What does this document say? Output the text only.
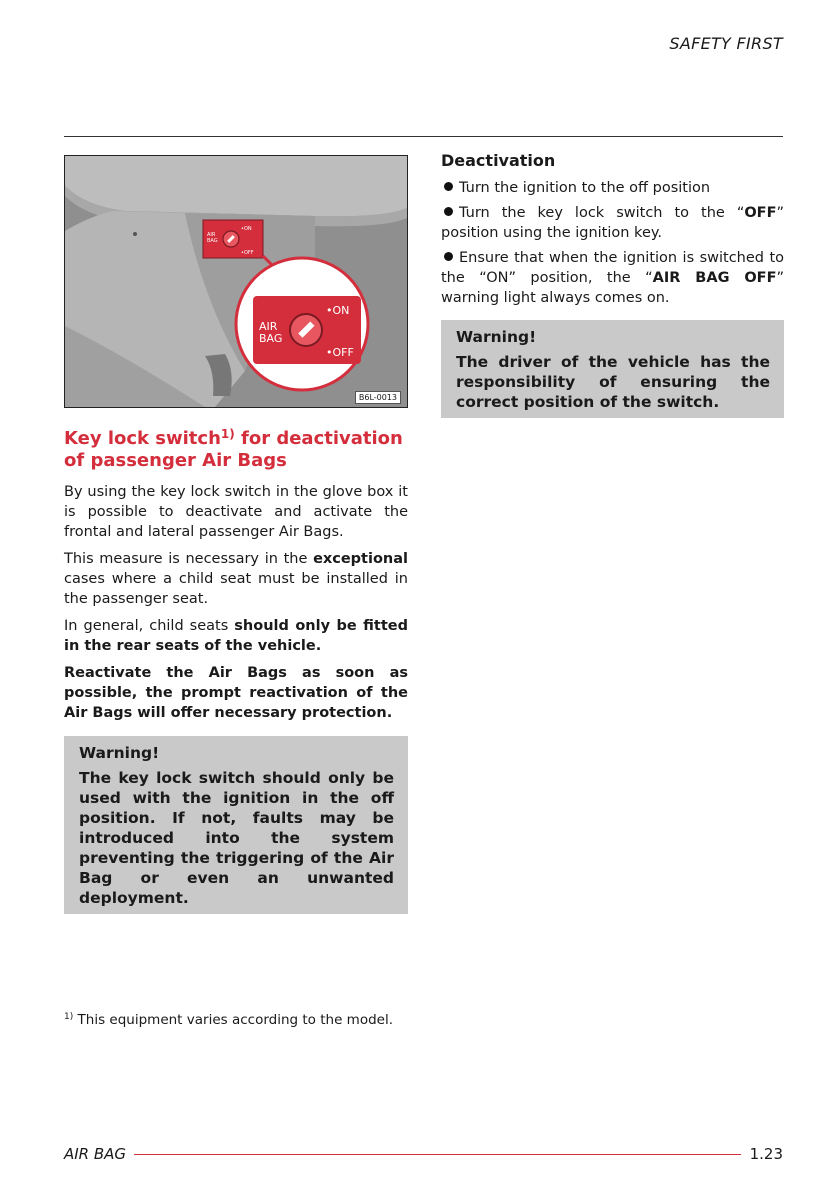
SAFETY FIRST
AIR
BAG
•ON
•OFF
AIR
BAG
•ON
•OFF
B6L-0013
Key lock switch$^{1)}$ for deactivation of passenger Air Bags

By using the key lock switch in the glove box it is possible to deactivate and activate the frontal and lateral passenger Air Bags.

This measure is necessary in the exceptional cases where a child seat must be installed in the passenger seat.

In general, child seats should only be fitted in the rear seats of the vehicle.

Reactivate the Air Bags as soon as possible, the prompt reactivation of the Air Bags will offer necessary protection.

Warning!
The key lock switch should only be used with the ignition in the off position. If not, faults may be introduced into the system preventing the triggering of the Air Bag or even an unwanted deployment.
Deactivation
Turn the ignition to the off position
Turn the key lock switch to the “OFF” position using the ignition key.
Ensure that when the ignition is switched to the “ON” position, the “AIR BAG OFF” warning light always comes on.
Warning!
The driver of the vehicle has the responsibility of ensuring the correct position of the switch.
$^{1)}$ This equipment varies according to the model.
AIR BAG	1.23
